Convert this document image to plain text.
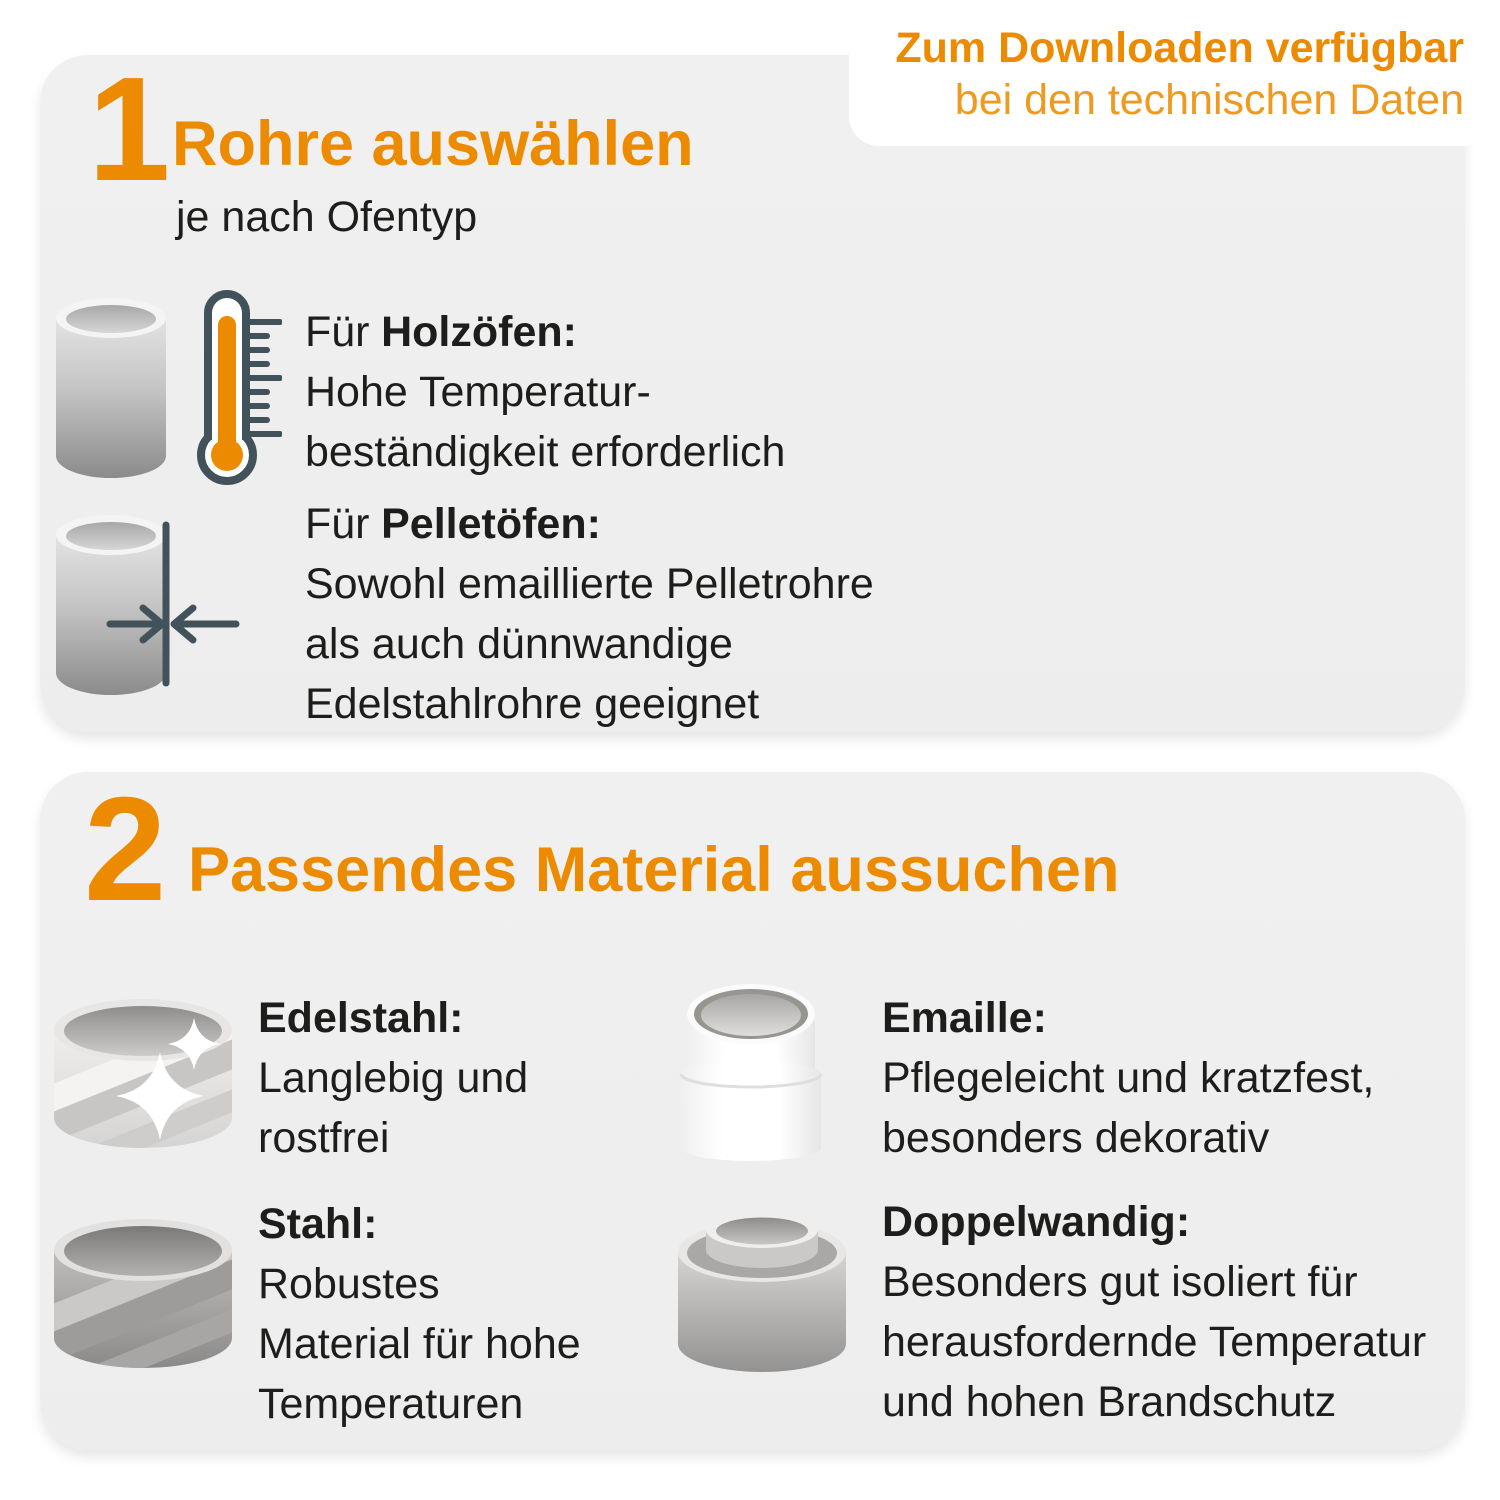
1 Rohre auswählen
je nach Ofentyp
Für Holzöfen:
Hohe Temperatur-
beständigkeit erforderlich
Für Pelletöfen:
Sowohl emaillierte Pelletrohre
als auch dünnwandige
Edelstahlrohre geeignet
2 Passendes Material aussuchen
Edelstahl:
Langlebig und
rostfrei
Emaille:
Pflegeleicht und kratzfest,
besonders dekorativ
Stahl:
Robustes
Material für hohe
Temperaturen
Doppelwandig:
Besonders gut isoliert für
herausfordernde Temperatur
und hohen Brandschutz
Zum Downloaden verfügbar
bei den technischen Daten
